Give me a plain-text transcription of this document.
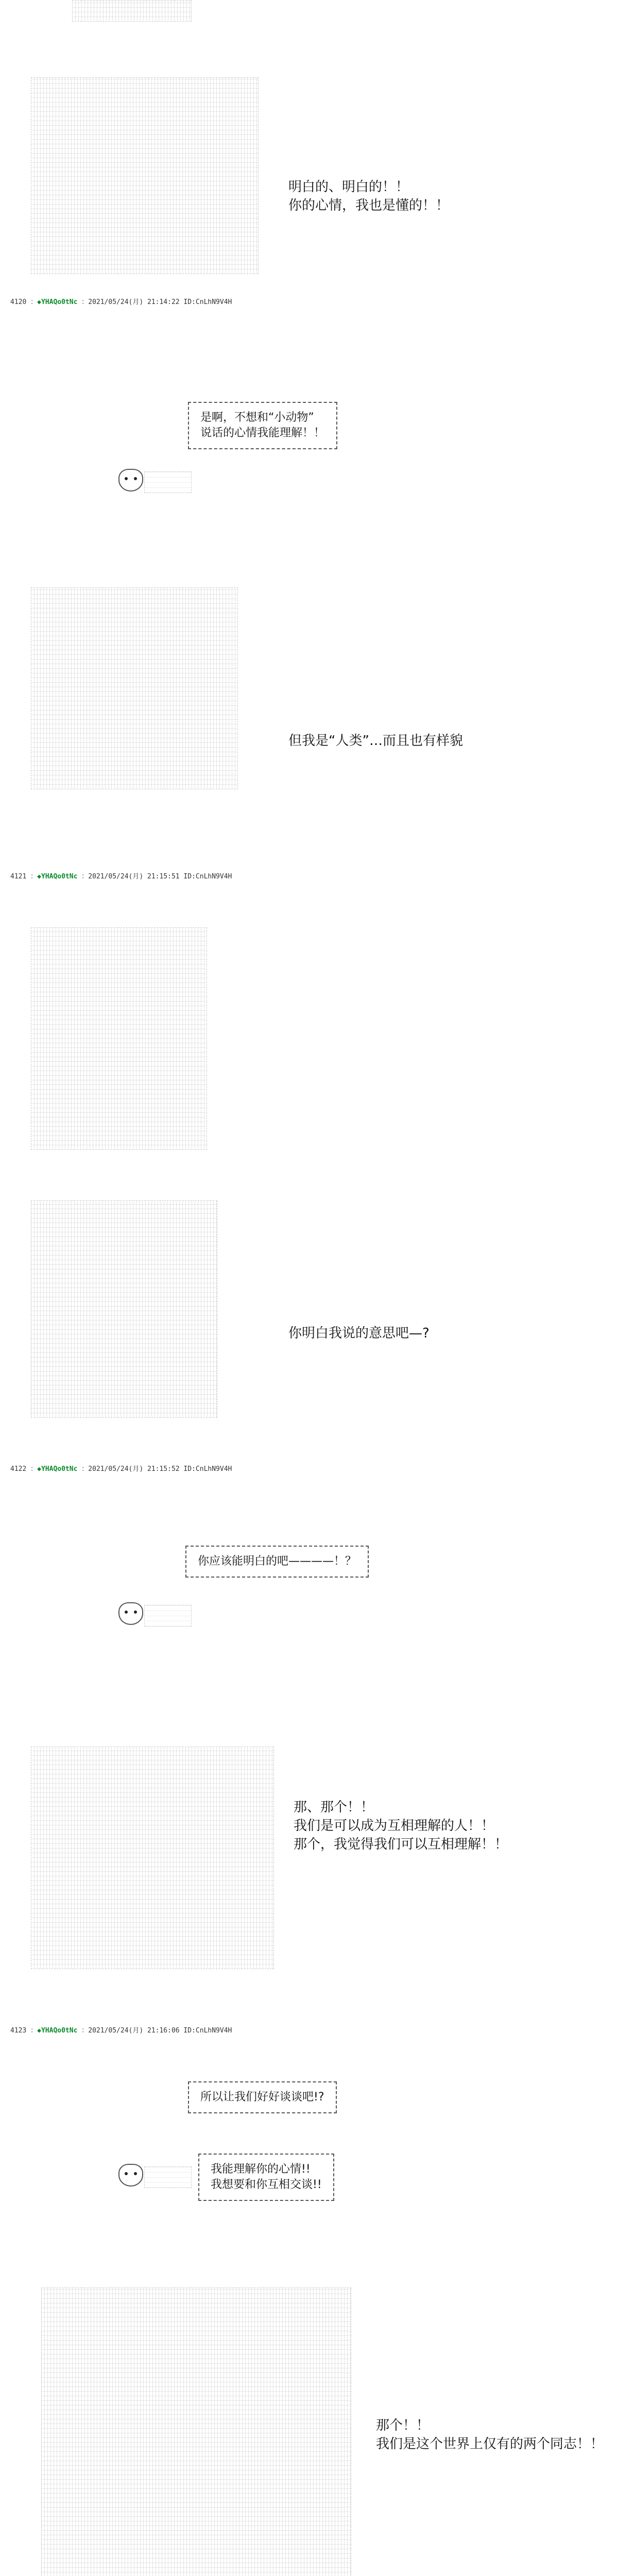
明白的、明白的！！
你的心情，我也是懂的！！
4120 ：◆YHAQo0tNc ：2021/05/24(月) 21:14:22 ID:CnLhN9V4H
是啊，不想和“小动物”
说话的心情我能理解！！
但我是“人类”…而且也有样貌
4121 ：◆YHAQo0tNc ：2021/05/24(月) 21:15:51 ID:CnLhN9V4H
你明白我说的意思吧—?
4122 ：◆YHAQo0tNc ：2021/05/24(月) 21:15:52 ID:CnLhN9V4H
你应该能明白的吧————！？
那、那个！！
我们是可以成为互相理解的人！！
那个，我觉得我们可以互相理解！！
4123 ：◆YHAQo0tNc ：2021/05/24(月) 21:16:06 ID:CnLhN9V4H
所以让我们好好谈谈吧!?
我能理解你的心情!!
我想要和你互相交谈!!
那个！！
我们是这个世界上仅有的两个同志！！
